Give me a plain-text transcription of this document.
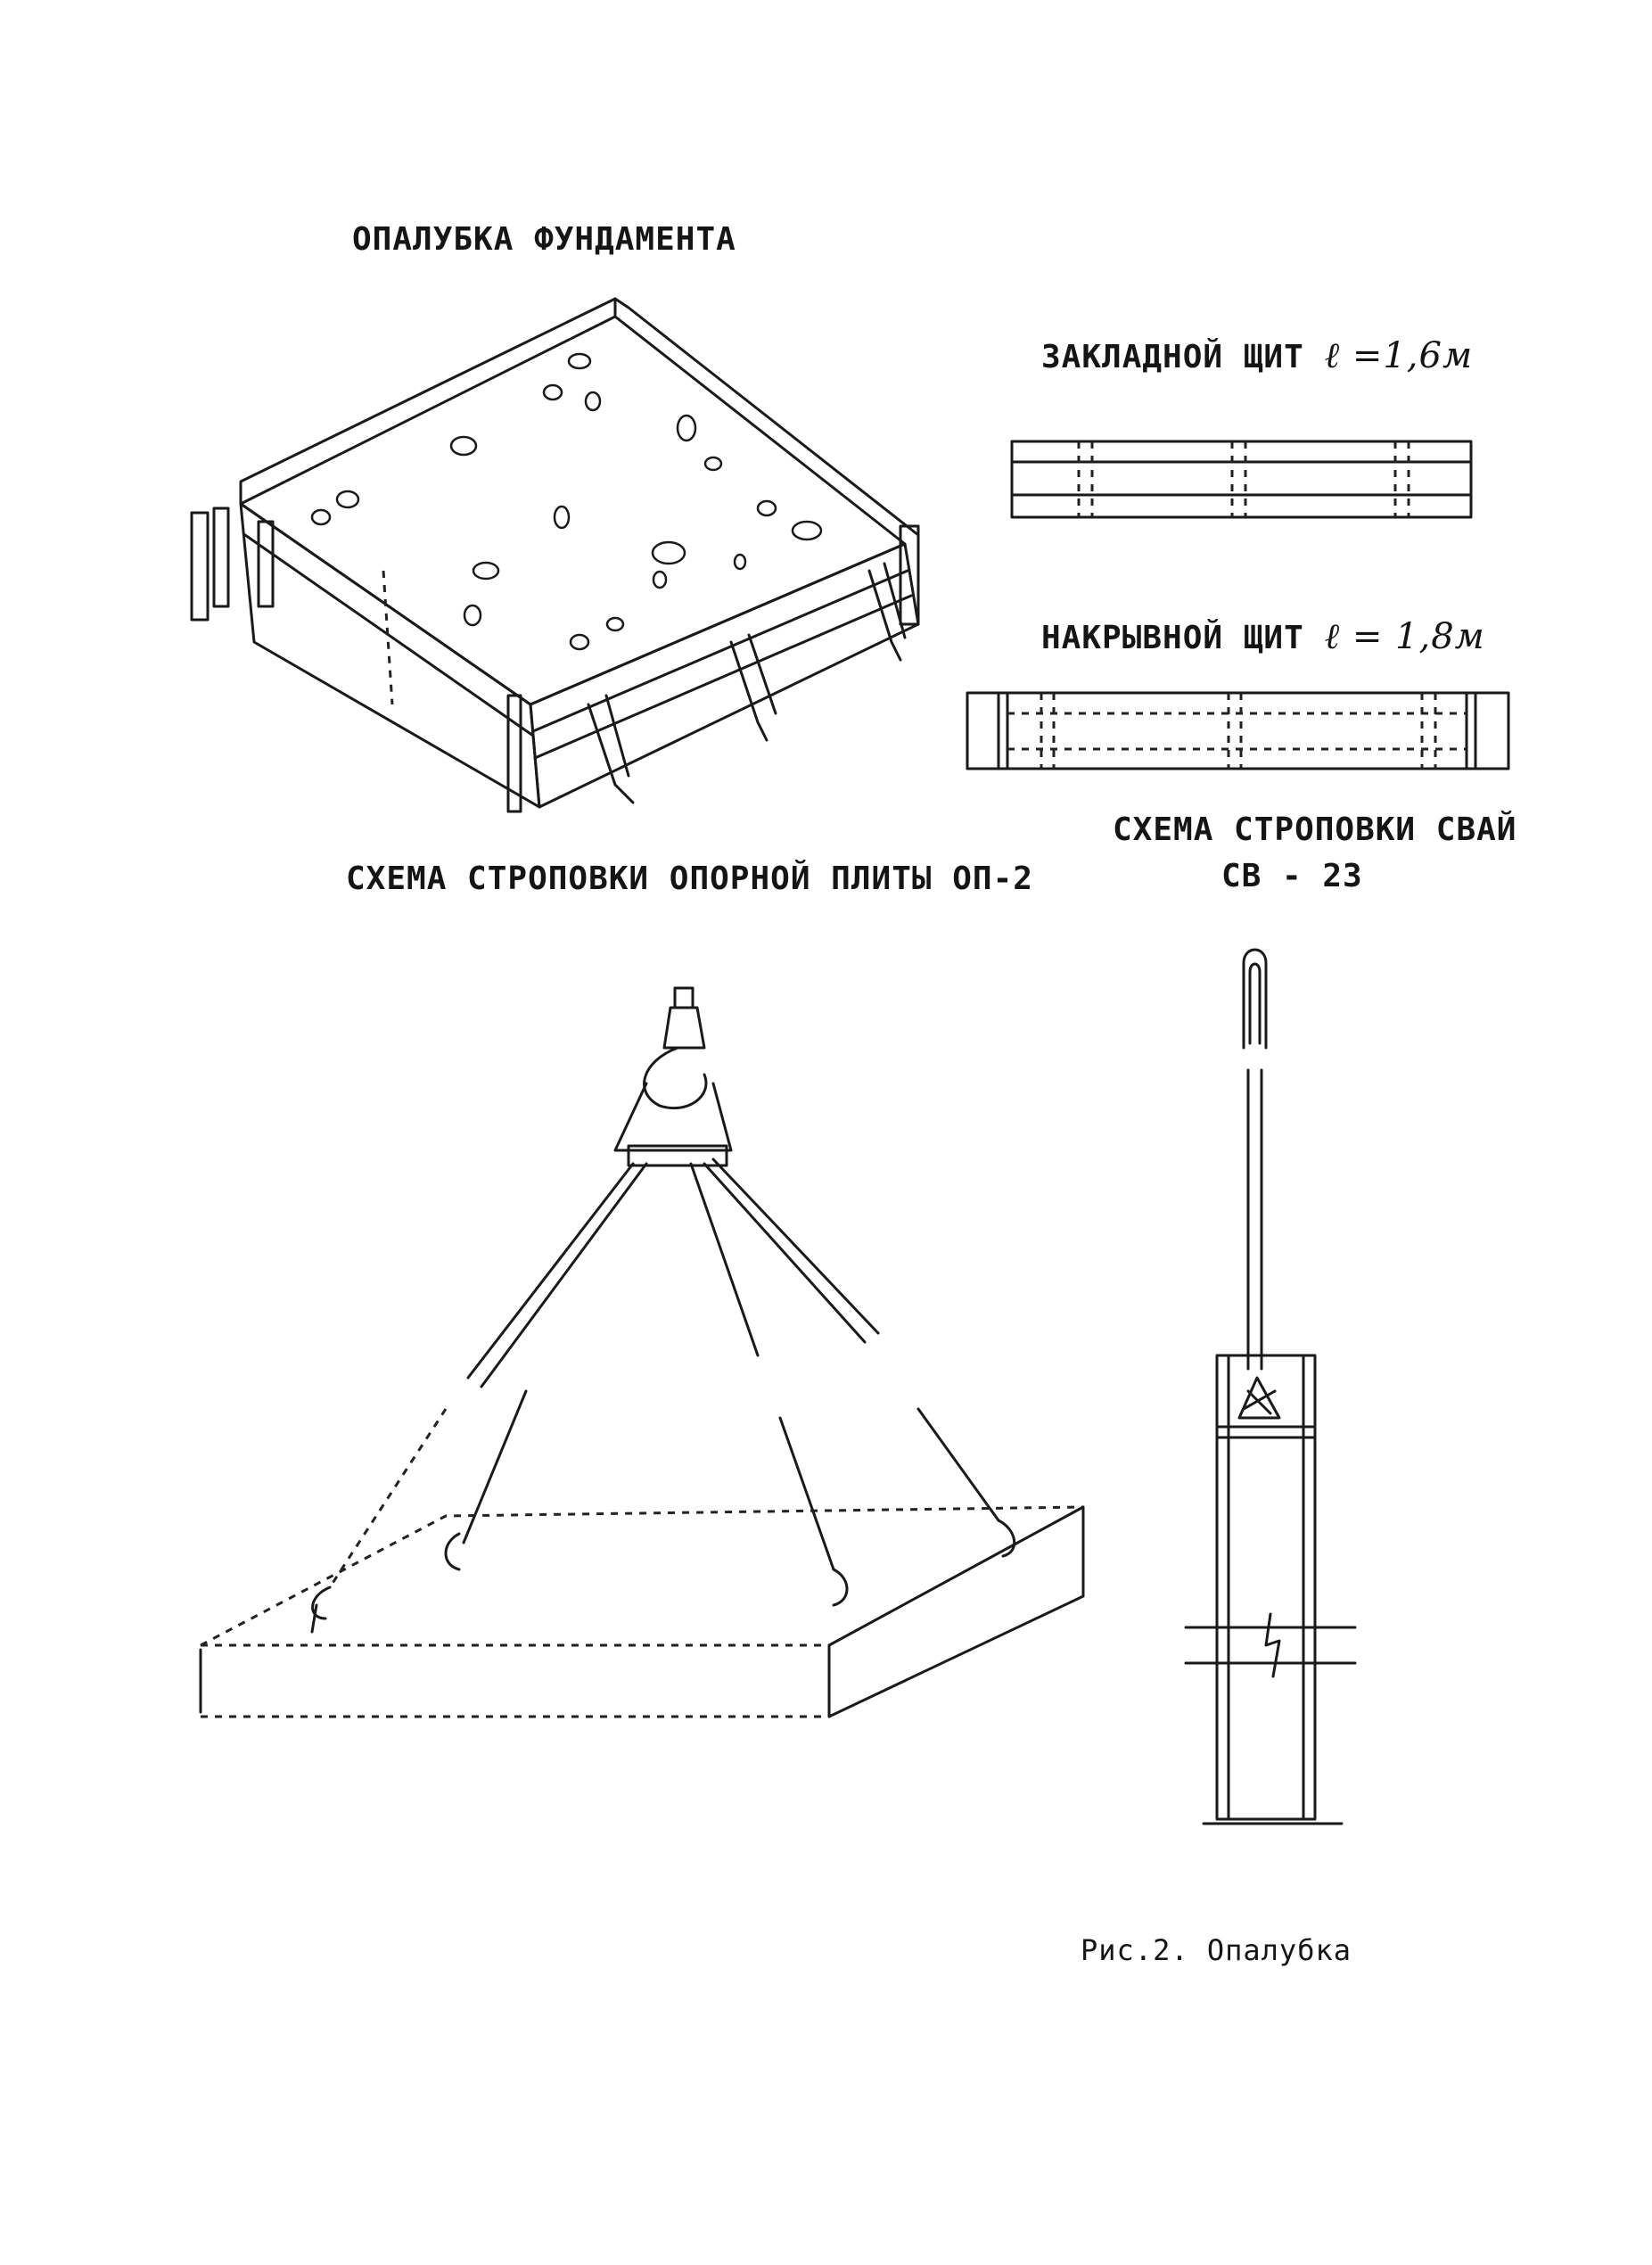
ОПАЛУБКА ФУНДАМЕНТА
ЗАКЛАДНОЙ ЩИТ ℓ =1,6м
НАКРЫВНОЙ ЩИТ ℓ = 1,8м
СХЕМА СТРОПОВКИ СВАЙ
СВ - 23
СХЕМА СТРОПОВКИ ОПОРНОЙ ПЛИТЫ ОП-2
Рис.2. Опалубка
